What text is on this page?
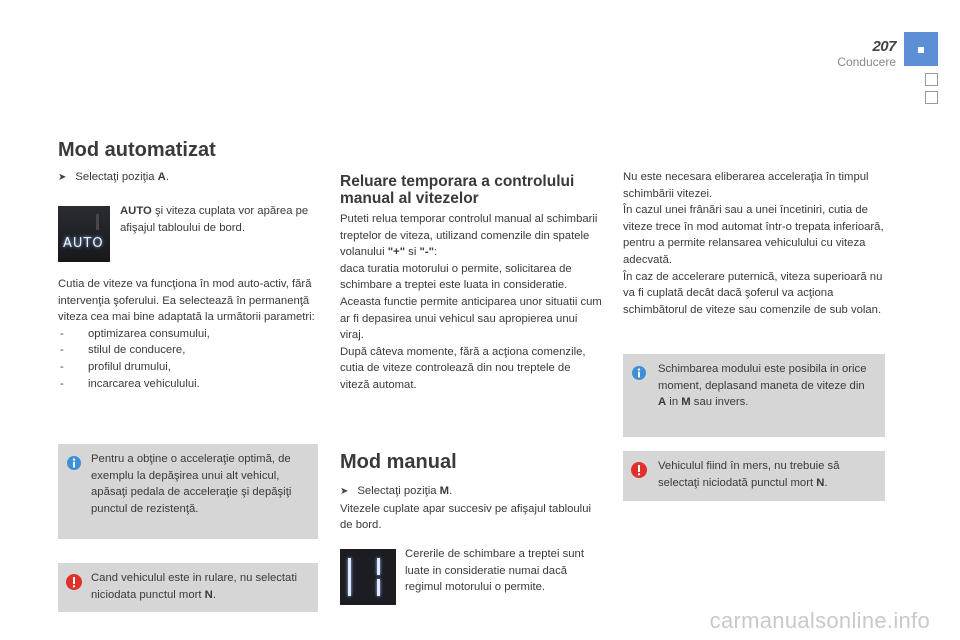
207
Conducere
Mod automatizat
➤ Selectaţi poziţia A.
AUTO
AUTO şi viteza cuplata vor apărea pe afişajul tabloului de bord.
Cutia de viteze va funcţiona în mod auto-activ, fără intervenţia şoferului. Ea selectează în permanenţă viteza cea mai bine adaptată la următorii parametri:
- optimizarea consumului,
- stilul de conducere,
- profilul drumului,
- incarcarea vehiculului.
Pentru a obţine o acceleraţie optimă, de exemplu la depăşirea unui alt vehicul, apăsaţi pedala de acceleraţie şi depăşiţi punctul de rezistenţă.
Cand vehiculul este in rulare, nu selectati niciodata punctul mort N.
Reluare temporara a controlului manual al vitezelor
Puteti relua temporar controlul manual al schimbarii treptelor de viteza, utilizand comenzile din spatele volanului "+" si "-":
daca turatia motorului o permite, solicitarea de schimbare a treptei este luata in consideratie.
Aceasta functie permite anticiparea unor situatii cum ar fi depasirea unui vehicul sau apropierea unui viraj.
După câteva momente, fără a acţiona comenzile, cutia de viteze controlează din nou treptele de viteză automat.
Mod manual
➤ Selectaţi poziţia M.
Vitezele cuplate apar succesiv pe afişajul tabloului de bord.
Cererile de schimbare a treptei sunt luate in consideratie numai dacă regimul motorului o permite.
Nu este necesara eliberarea acceleraţia în timpul schimbării vitezei.
În cazul unei frânări sau a unei încetiniri, cutia de viteze trece în mod automat într-o trepata inferioară, pentru a permite relansarea vehiculului cu viteza adecvată.
În caz de accelerare puternică, viteza superioară nu va fi cuplată decât dacă şoferul va acţiona schimbătorul de viteze sau comenzile de sub volan.
Schimbarea modului este posibila in orice moment, deplasand maneta de viteze din A in M sau invers.
Vehiculul fiind în mers, nu trebuie să selectaţi niciodată punctul mort N.
carmanualsonline.info
